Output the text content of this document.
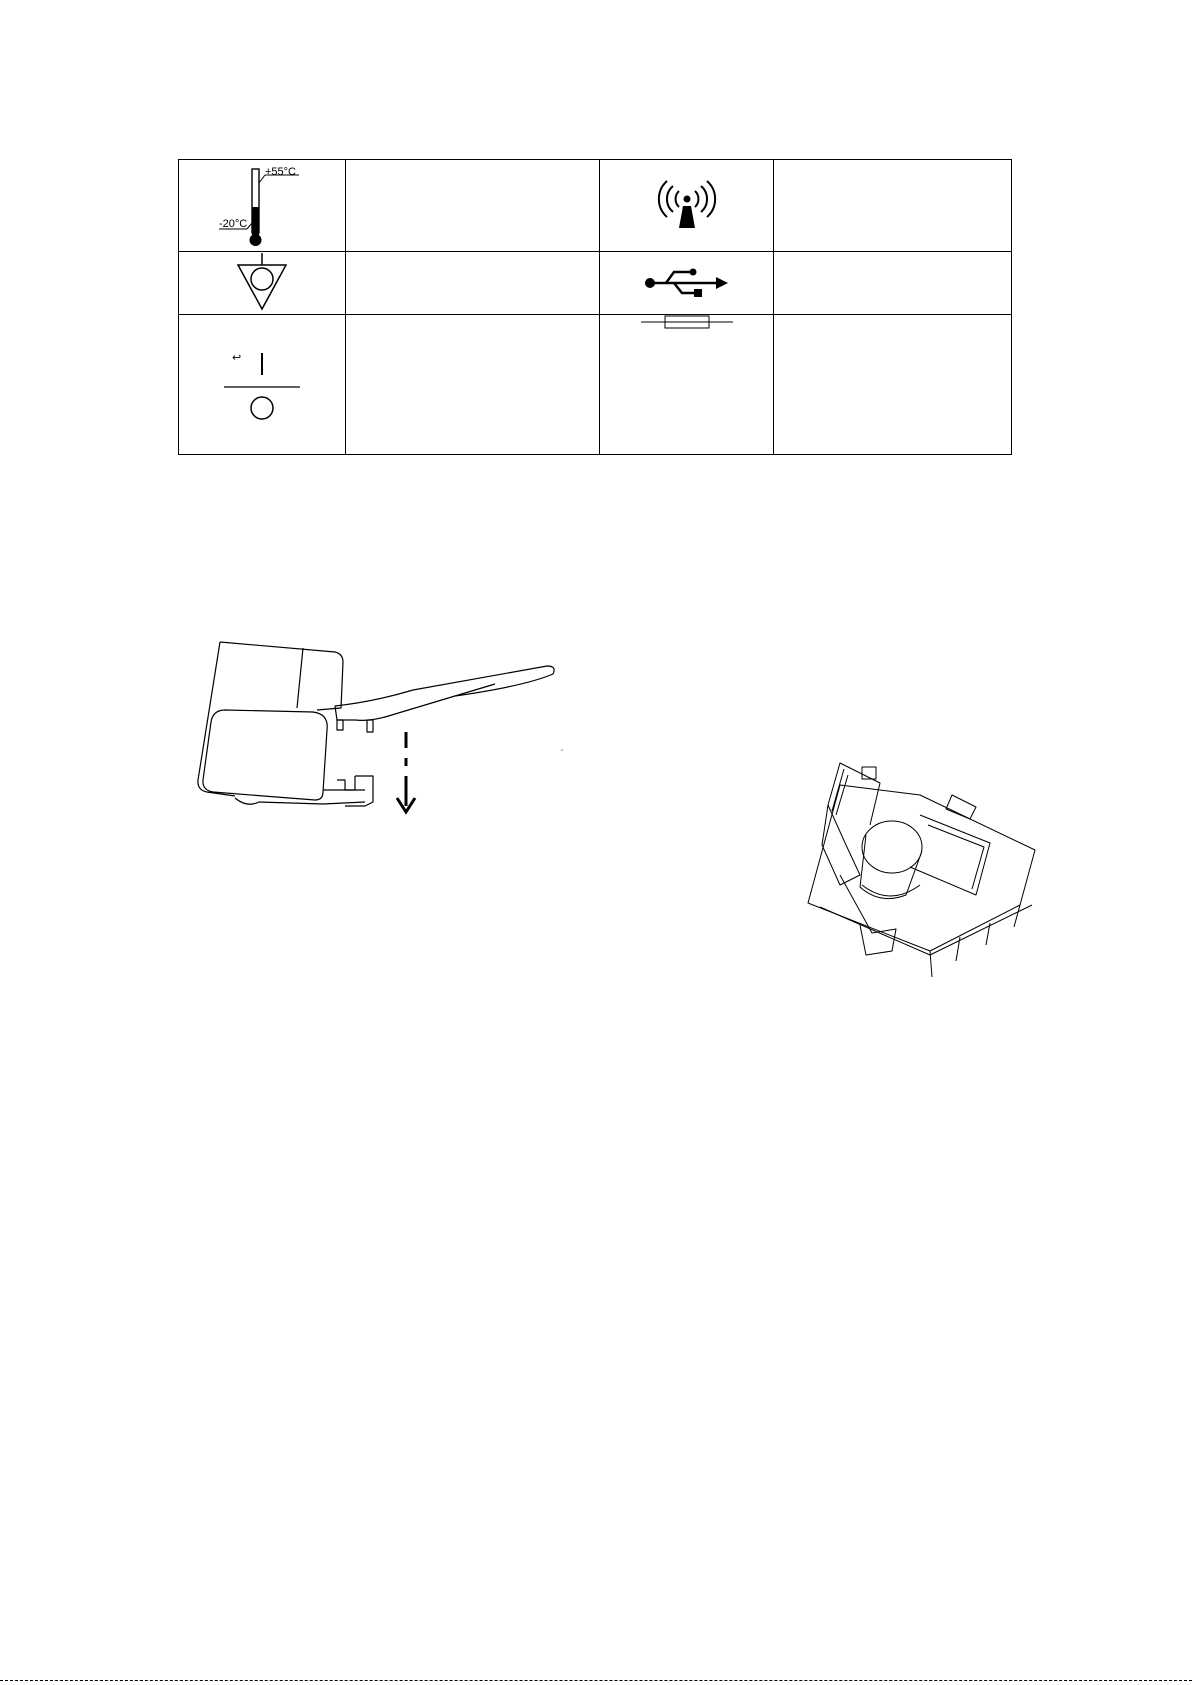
+55°C
-20°C

↩
